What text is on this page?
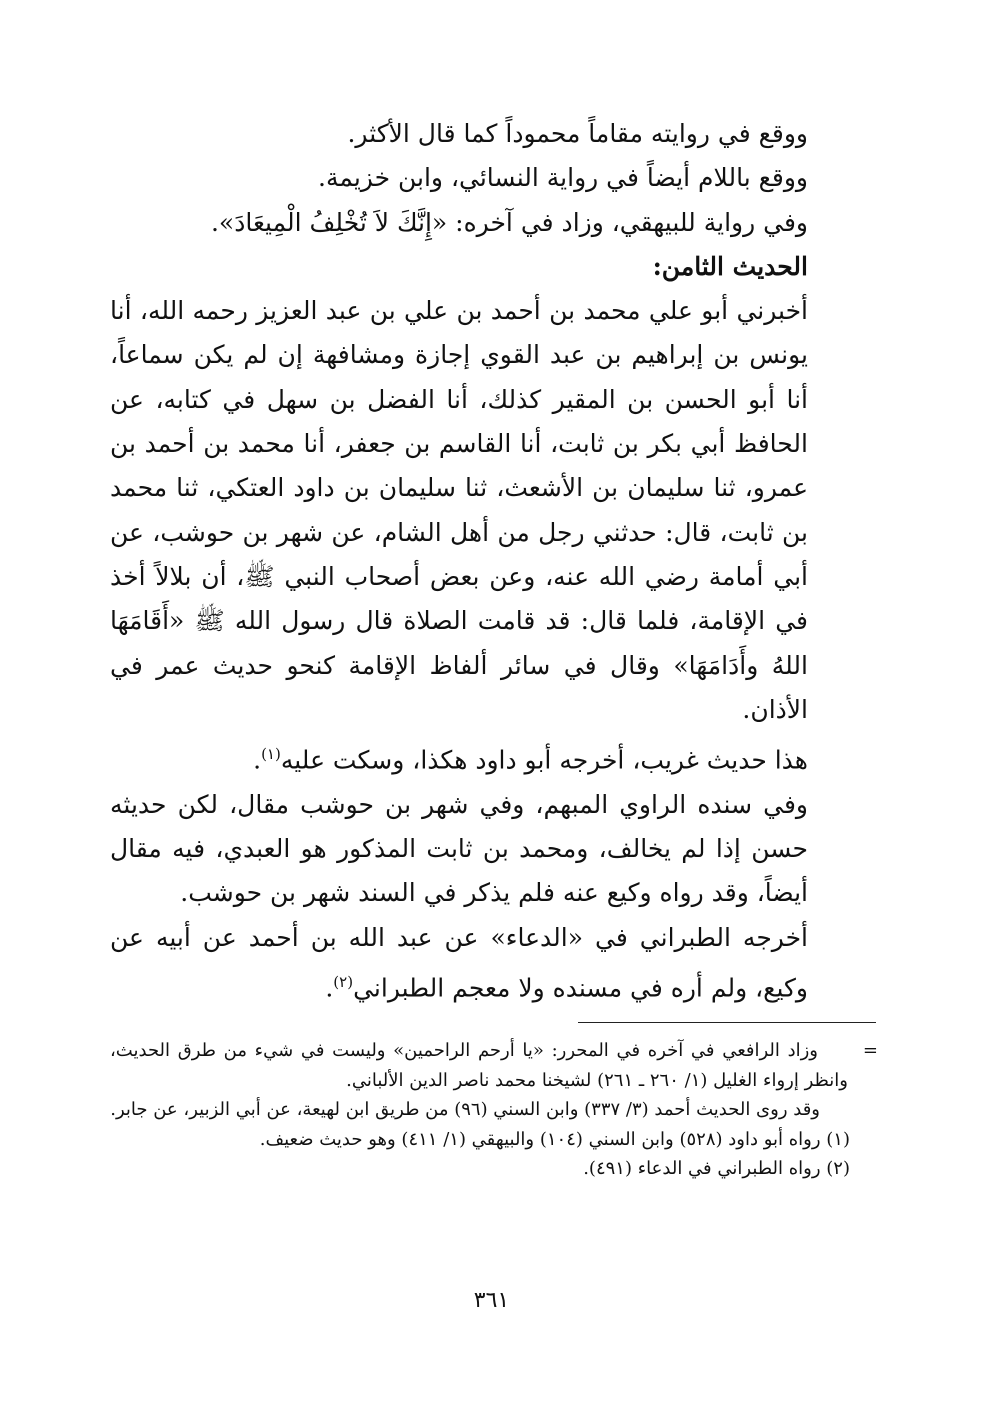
ووقع في روايته مقاماً محموداً كما قال الأكثر.

ووقع باللام أيضاً في رواية النسائي، وابن خزيمة.

وفي رواية للبيهقي، وزاد في آخره: «إِنَّكَ لاَ تُخْلِفُ الْمِيعَادَ».

الحديث الثامن:

أخبرني أبو علي محمد بن أحمد بن علي بن عبد العزيز رحمه الله، أنا يونس بن إبراهيم بن عبد القوي إجازة ومشافهة إن لم يكن سماعاً، أنا أبو الحسن بن المقير كذلك، أنا الفضل بن سهل في كتابه، عن الحافظ أبي بكر بن ثابت، أنا القاسم بن جعفر، أنا محمد بن أحمد بن عمرو، ثنا سليمان بن الأشعث، ثنا سليمان بن داود العتكي، ثنا محمد بن ثابت، قال: حدثني رجل من أهل الشام، عن شهر بن حوشب، عن أبي أمامة رضي الله عنه، وعن بعض أصحاب النبي ﷺ، أن بلالاً أخذ في الإقامة، فلما قال: قد قامت الصلاة قال رسول الله ﷺ «أَقَامَهَا اللهُ وأَدَامَهَا» وقال في سائر ألفاظ الإقامة كنحو حديث عمر في الأذان.

هذا حديث غريب، أخرجه أبو داود هكذا، وسكت عليه$^{(١)}$.

وفي سنده الراوي المبهم، وفي شهر بن حوشب مقال، لكن حديثه حسن إذا لم يخالف، ومحمد بن ثابت المذكور هو العبدي، فيه مقال أيضاً، وقد رواه وكيع عنه فلم يذكر في السند شهر بن حوشب.

أخرجه الطبراني في «الدعاء» عن عبد الله بن أحمد عن أبيه عن وكيع، ولم أره في مسنده ولا معجم الطبراني$^{(٢)}$.

=
وزاد الرافعي في آخره في المحرر: «يا أرحم الراحمين» وليست في شيء من طرق الحديث، وانظر إرواء الغليل (١/ ٢٦٠ ـ ٢٦١) لشيخنا محمد ناصر الدين الألباني.

وقد روى الحديث أحمد (٣/ ٣٣٧) وابن السني (٩٦) من طريق ابن لهيعة، عن أبي الزبير، عن جابر.

(١) رواه أبو داود (٥٢٨) وابن السني (١٠٤) والبيهقي (١/ ٤١١) وهو حديث ضعيف.

(٢) رواه الطبراني في الدعاء (٤٩١).

٣٦١
